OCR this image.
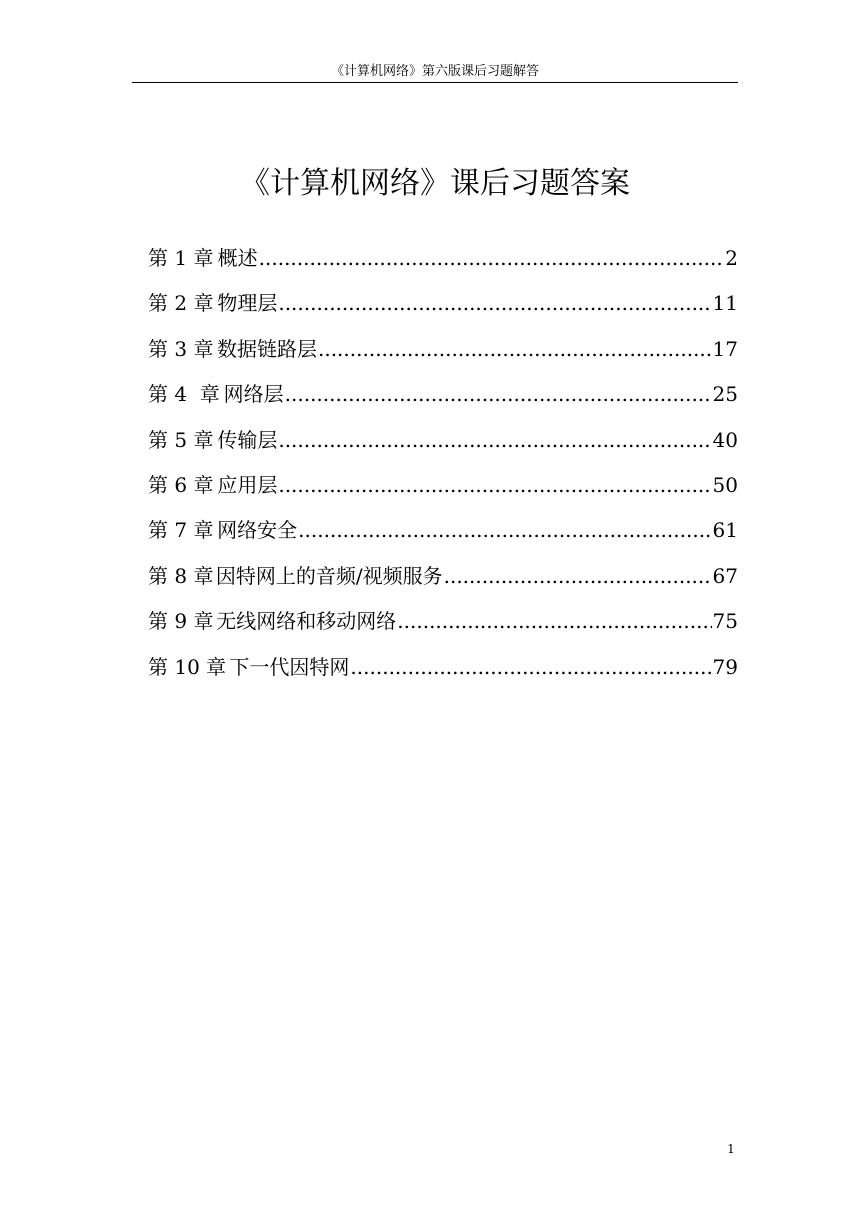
《计算机网络》第六版课后习题解答
《计算机网络》课后习题答案
第 1 章 概述 .....	2
第 2 章 物理层 .....	11
第 3 章 数据链路层 .....	17
第 4  章 网络层 .....	25
第 5 章 传输层 .....	40
第 6 章 应用层 .....	50
第 7 章 网络安全 .....	61
第 8 章 因特网上的音频/视频服务 .....	67
第 9 章 无线网络和移动网络 .....	75
第 10 章 下一代因特网 .....	79
1
